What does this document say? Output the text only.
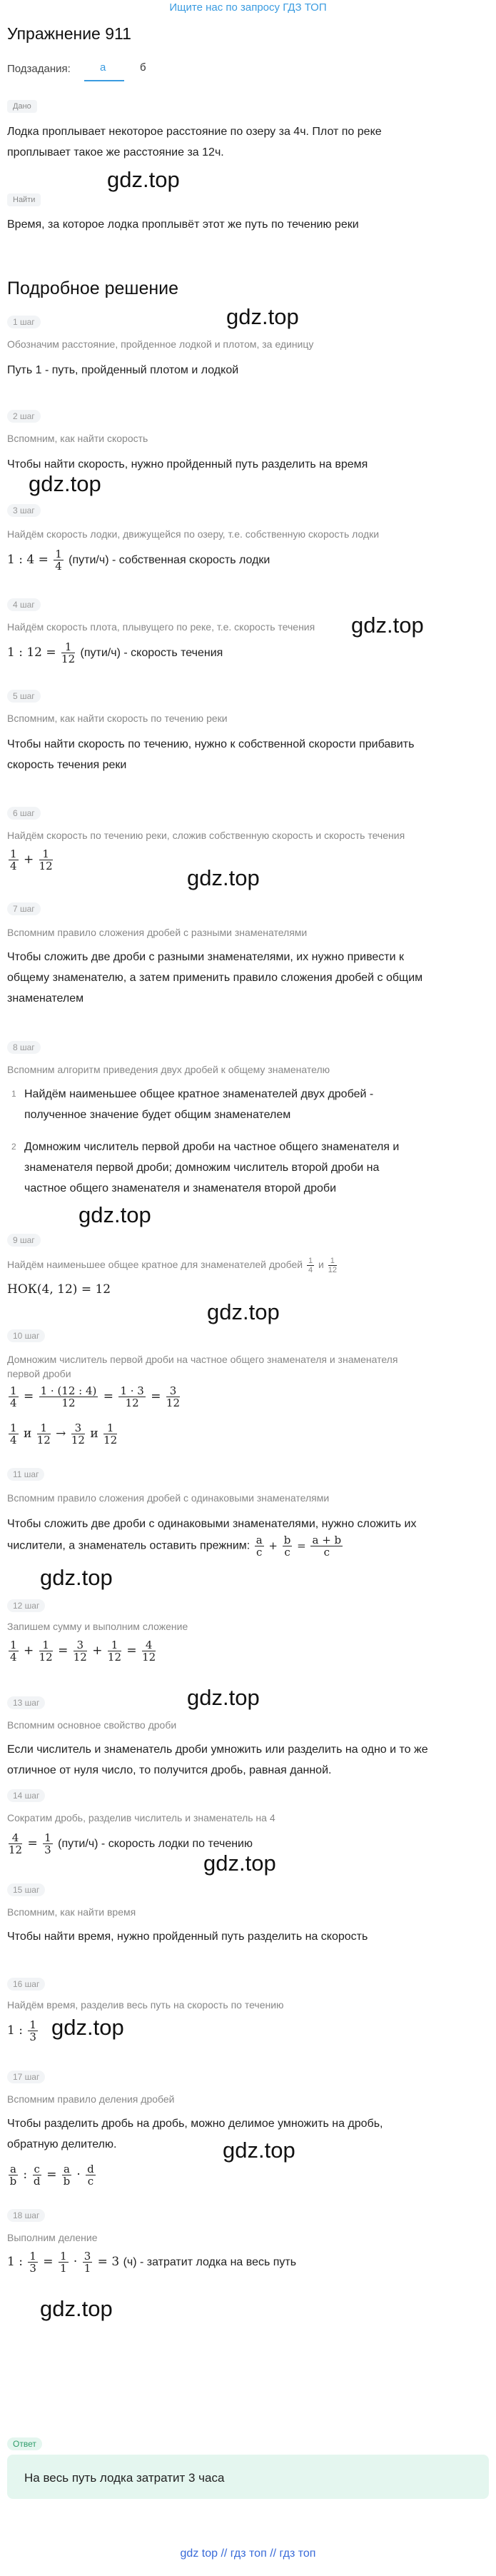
Ищите нас по запросу ГДЗ ТОП
Упражнение 911
Подзадания:	а	б
Дано
Лодка проплывает некоторое расстояние по озеру за 4ч. Плот по реке
проплывает такое же расстояние за 12ч.
Найти
gdz.top
Время, за которое лодка проплывёт этот же путь по течению реки
Подробное решение
gdz.top
1 шаг
Обозначим расстояние, пройденное лодкой и плотом, за единицу
Путь 1 - путь, пройденный плотом и лодкой
2 шаг
Вспомним, как найти скорость
Чтобы найти скорость, нужно пройденный путь разделить на время
gdz.top
3 шаг
Найдём скорость лодки, движущейся по озеру, т.е. собственную скорость лодки
1 : $4 = \frac{1}{4}$ (пути/ч) - собственная скорость лодки
4 шаг
Найдём скорость плота, плывущего по реке, т.е. скорость течения gdz.top
1 : $12 = \frac{1}{12}$ (пути/ч) - скорость течения
5 шаг
Вспомним, как найти скорость по течению реки
Чтобы найти скорость по течению, нужно к собственной скорости прибавить
скорость течения реки
6 шаг
Найдём скорость по течению реки, сложив собственную скорость и скорость течения
$\frac{1}{4} + \frac{1}{12}$
gdz.top
7 шаг
Вспомним правило сложения дробей с разными знаменателями
Чтобы сложить две дроби с разными знаменателями, их нужно привести к
общему знаменателю, а затем применить правило сложения дробей с общим
знаменателем
8 шаг
Вспомним алгоритм приведения двух дробей к общему знаменателю
1 Найдём наименьшее общее кратное знаменателей двух дробей -
полученное значение будет общим знаменателем
2 Домножим числитель первой дроби на частное общего знаменателя и
знаменателя первой дроби; домножим числитель второй дроби на
частное общего знаменателя и знаменателя второй дроби
gdz.top
9 шаг
Найдём наименьшее общее кратное для знаменателей дробей $\frac{1}{4}$ и $\frac{1}{12}$
НОК(4, 12) = 12
gdz.top
10 шаг
Домножим числитель первой дроби на частное общего знаменателя и знаменателя
первой дроби
$\frac{1}{4} = \frac{1 \cdot (12 : 4)}{12} = \frac{1 \cdot 3}{12} = \frac{3}{12}$
$\frac{1}{4}$ и $\frac{1}{12} \to \frac{3}{12}$ и $\frac{1}{12}$
11 шаг
Вспомним правило сложения дробей с одинаковыми знаменателями
Чтобы сложить две дроби с одинаковыми знаменателями, нужно сложить их
числители, а знаменатель оставить прежним: $\frac{a}{c} + \frac{b}{c} = \frac{a + b}{c}$
gdz.top
12 шаг
Запишем сумму и выполним сложение
$\frac{1}{4} + \frac{1}{12} = \frac{3}{12} + \frac{1}{12} = \frac{4}{12}$
gdz.top
13 шаг
Вспомним основное свойство дроби
Если числитель и знаменатель дроби умножить или разделить на одно и то же
отличное от нуля число, то получится дробь, равная данной.
14 шаг
Сократим дробь, разделив числитель и знаменатель на 4
$\frac{4}{12} = \frac{1}{3}$ (пути/ч) - скорость лодки по течению
gdz.top
15 шаг
Вспомним, как найти время
Чтобы найти время, нужно пройденный путь разделить на скорость
16 шаг
Найдём время, разделив весь путь на скорость по течению
1 : $\frac{1}{3} gdz.top$
17 шаг
Вспомним правило деления дробей
Чтобы разделить дробь на дробь, можно делимое умножить на дробь,
обратную делителю.	gdz.top
$\frac{a}{b}$ : $\frac{c}{d} = \frac{a}{b} \cdot \frac{d}{c}$
18 шаг
Выполним деление
1 : $\frac{1}{3} = \frac{1}{1} \cdot \frac{3}{1} = 3$ (ч) - затратит лодка на весь путь
gdz.top
Ответ
На весь путь лодка затратит 3 часа
gdz top // гдз топ // гдз топ
